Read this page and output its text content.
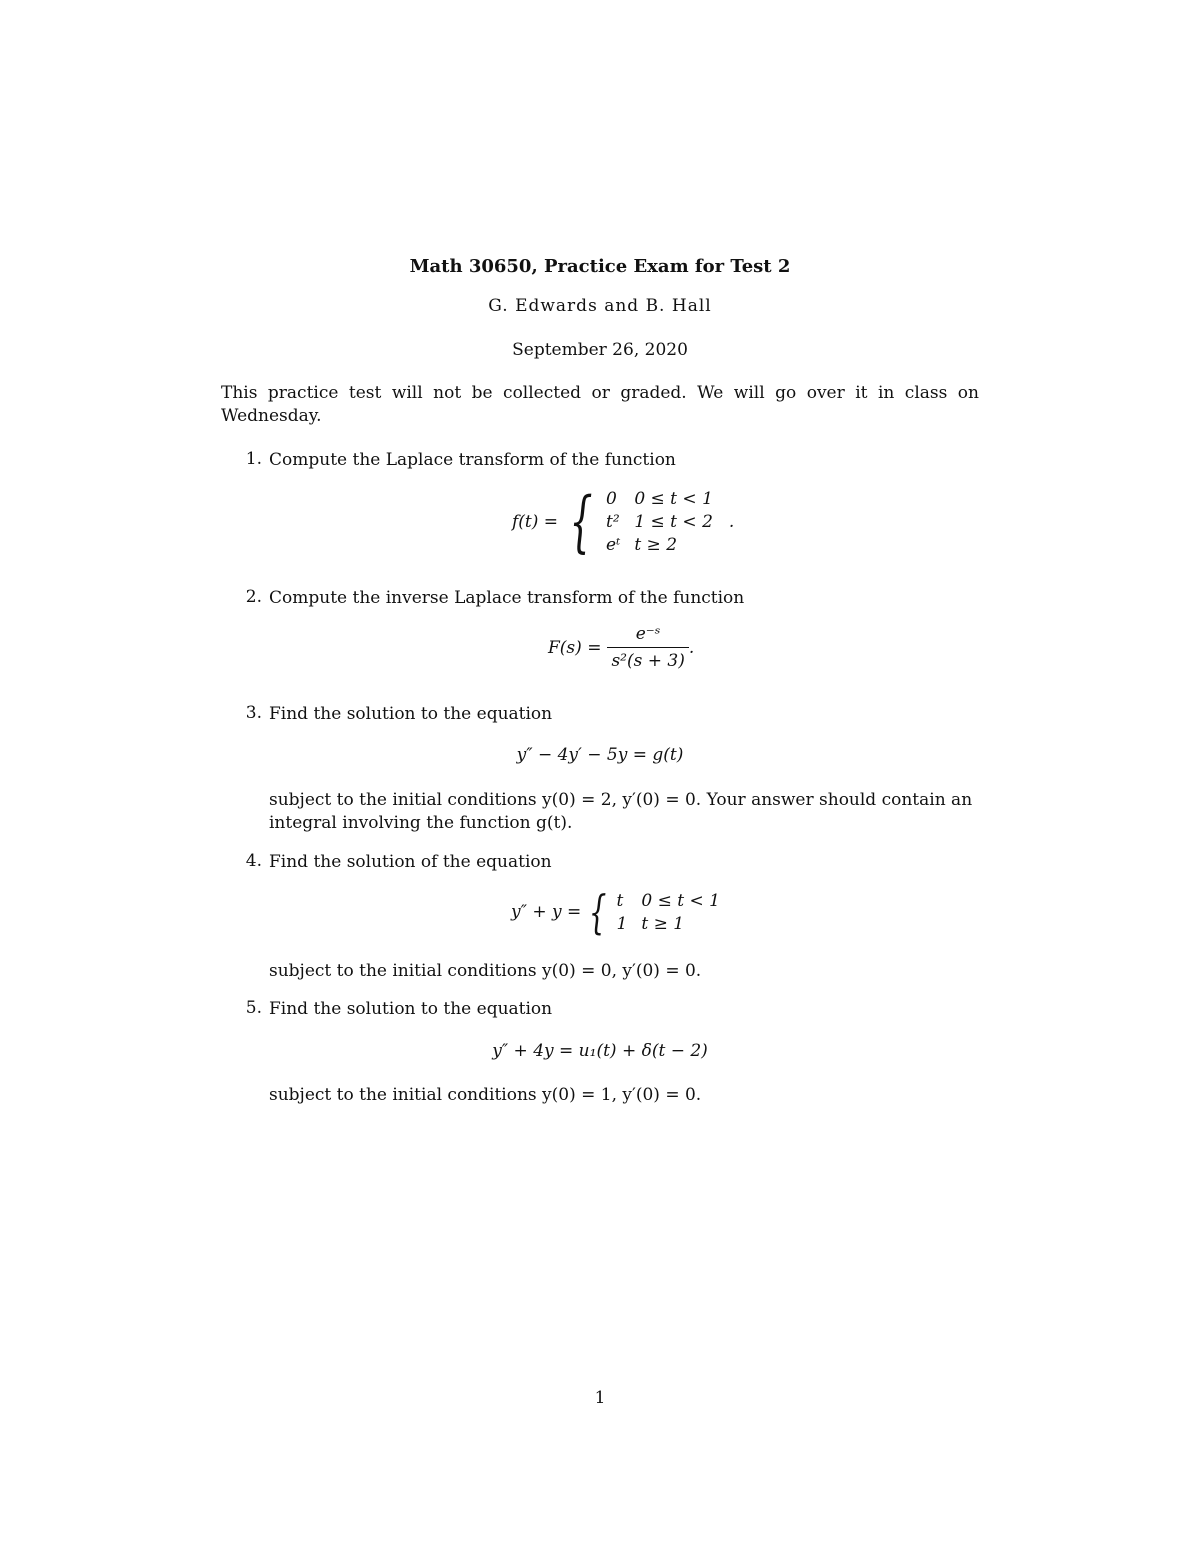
Math 30650, Practice Exam for Test 2
G. Edwards and B. Hall
September 26, 2020
This practice test will not be collected or graded. We will go over it in class on Wednesday.
1. Compute the Laplace transform of the function
f(t) = { 0	0 ≤ t < 1
t²	1 ≤ t < 2
eᵗ	t ≥ 2
.
2. Compute the inverse Laplace transform of the function
$F(s) = \frac{\text{e⁻ˢ}}{\text{s²(s + 3)}}$ .
3. Find the solution to the equation
y″ − 4y′ − 5y = g(t)
subject to the initial conditions y(0) = 2, y′(0) = 0. Your answer should contain an integral involving the function g(t).
4. Find the solution of the equation
y″ + y = { t	0 ≤ t < 1
1	t ≥ 1
subject to the initial conditions y(0) = 0, y′(0) = 0.
5. Find the solution to the equation
y″ + 4y = u₁(t) + δ(t − 2)
subject to the initial conditions y(0) = 1, y′(0) = 0.
1
